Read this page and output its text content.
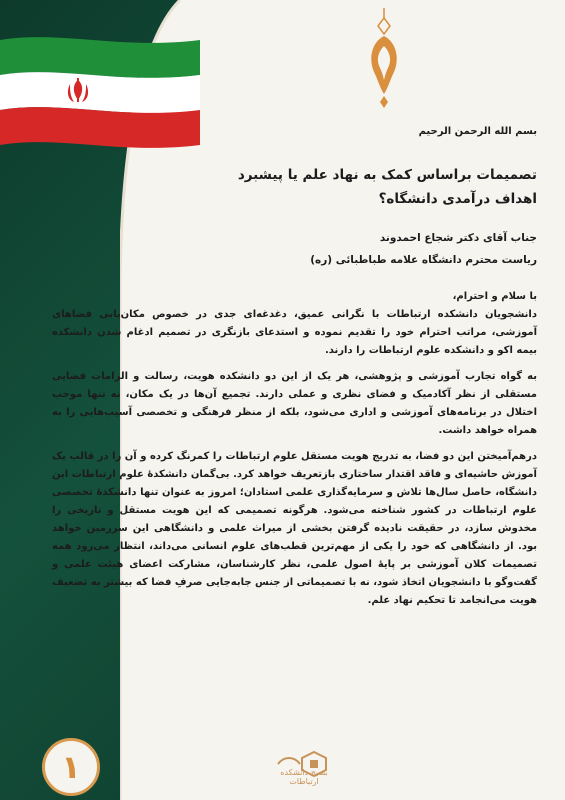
بسم الله الرحمن الرحیم
تصمیمات براساس کمک به نهاد علم یا پیشبرد اهداف درآمدی دانشگاه؟
جناب آقای دکتر شجاع احمدوند
ریاست محترم دانشگاه علامه طباطبائی (ره)

با سلام و احترام،

دانشجویان دانشکده ارتباطات با نگرانی عمیق، دغدغه‌ای جدی در خصوص مکان‌یابی فضاهای آموزشی، مراتب احترام خود را تقدیم نموده و استدعای بازنگری در تصمیم ادغام شدن دانشکده بیمه اکو و دانشکده علوم ارتباطات را دارند.

به گواه تجارب آموزشی و پژوهشی، هر یک از این دو دانشکده هویت، رسالت و الزامات فضایی مستقلی از نظر آکادمیک و فضای نظری و عملی دارند. تجمیع آن‌ها در یک مکان، نه تنها موجب اختلال در برنامه‌های آموزشی و اداری می‌شود، بلکه از منظر فرهنگی و تخصصی آسیب‌هایی را به همراه خواهد داشت.

درهم‌آمیختن این دو فضا، به تدریج هویت مستقل علوم ارتباطات را کمرنگ کرده و آن را در قالب یک آموزش حاشیه‌ای و فاقد اقتدار ساختاری بازتعریف خواهد کرد. بی‌گمان دانشکدهٔ علوم ارتباطات این دانشگاه، حاصل سال‌ها تلاش و سرمایه‌گذاری علمی استادان؛ امروز به عنوان تنها دانشکدهٔ تخصصی علوم ارتباطات در کشور شناخته می‌شود. هرگونه تصمیمی که این هویت مستقل و تاریخی را مخدوش سازد، در حقیقت نادیده گرفتن بخشی از میراث علمی و دانشگاهی این سرزمین خواهد بود. از دانشگاهی که خود را یکی از مهم‌ترین قطب‌های علوم انسانی می‌داند، انتظار می‌رود همه تصمیمات کلان آموزشی بر پایهٔ اصول علمی، نظر کارشناسان، مشارکت اعضای هیئت علمی و گفت‌وگو با دانشجویان اتخاذ شود، نه با تصمیماتی از جنس جابه‌جایی صرفِ فضا که بیشتر به تضعیف هویت می‌انجامد تا تحکیم نهاد علم.

۱	بسیج دانشکده ارتباطات
